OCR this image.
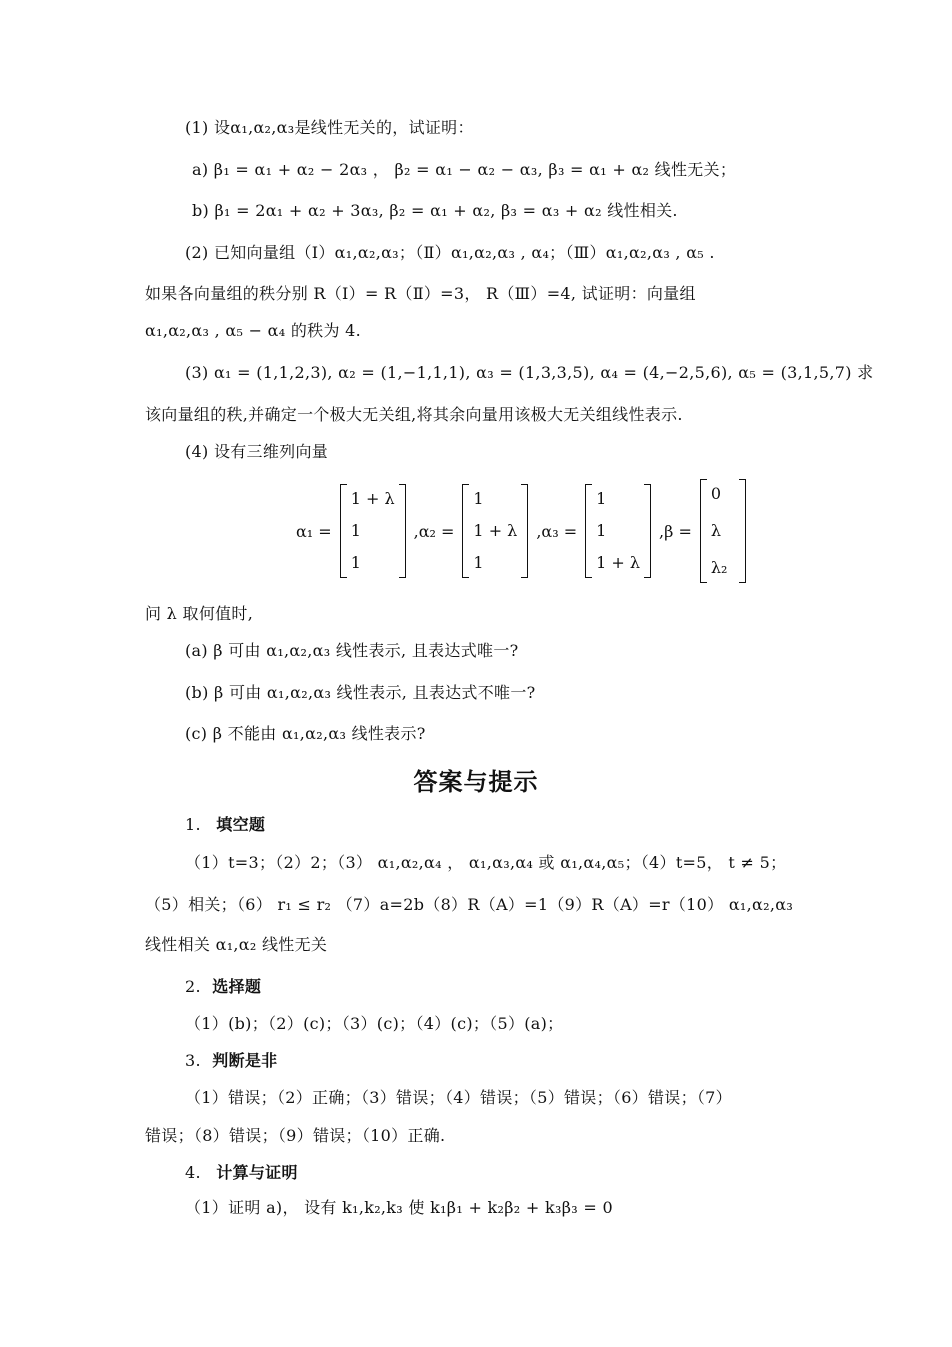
(1) 设α₁,α₂,α₃是线性无关的，试证明：
a) β₁ = α₁ + α₂ − 2α₃ ， β₂ = α₁ − α₂ − α₃, β₃ = α₁ + α₂ 线性无关；
b) β₁ = 2α₁ + α₂ + 3α₃, β₂ = α₁ + α₂, β₃ = α₃ + α₂ 线性相关.
(2) 已知向量组（Ⅰ）α₁,α₂,α₃；（Ⅱ）α₁,α₂,α₃ , α₄；（Ⅲ）α₁,α₂,α₃ , α₅ .
如果各向量组的秩分别 R（Ⅰ）= R（Ⅱ）=3， R（Ⅲ）=4, 试证明：向量组
α₁,α₂,α₃ , α₅ − α₄ 的秩为 4.
(3) α₁ = (1,1,2,3), α₂ = (1,−1,1,1), α₃ = (1,3,3,5), α₄ = (4,−2,5,6), α₅ = (3,1,5,7) 求
该向量组的秩,并确定一个极大无关组,将其余向量用该极大无关组线性表示.
(4) 设有三维列向量
α₁ =
1 + λ
1
1
,α₂ =
1
1 + λ
1
,α₃ =
1
1
1 + λ
,β =
0
λ
λ₂
问 λ 取何值时,
(a) β 可由 α₁,α₂,α₃ 线性表示, 且表达式唯一?
(b) β 可由 α₁,α₂,α₃ 线性表示, 且表达式不唯一?
(c) β 不能由 α₁,α₂,α₃ 线性表示?
答案与提示
1. 填空题
（1）t=3；（2）2；（3） α₁,α₂,α₄ ， α₁,α₃,α₄ 或 α₁,α₄,α₅；（4）t=5， t ≠ 5；
（5）相关；（6） r₁ ≤ r₂ （7）a=2b（8）R（A）=1（9）R（A）=r（10） α₁,α₂,α₃
线性相关 α₁,α₂ 线性无关
2. 选择题
（1）(b)；（2）(c)；（3）(c)；（4）(c)；（5）(a)；
3. 判断是非
（1）错误；（2）正确；（3）错误；（4）错误；（5）错误；（6）错误；（7）
错误；（8）错误；（9）错误；（10）正确.
4. 计算与证明
（1）证明 a)， 设有 k₁,k₂,k₃ 使 k₁β₁ + k₂β₂ + k₃β₃ = 0
